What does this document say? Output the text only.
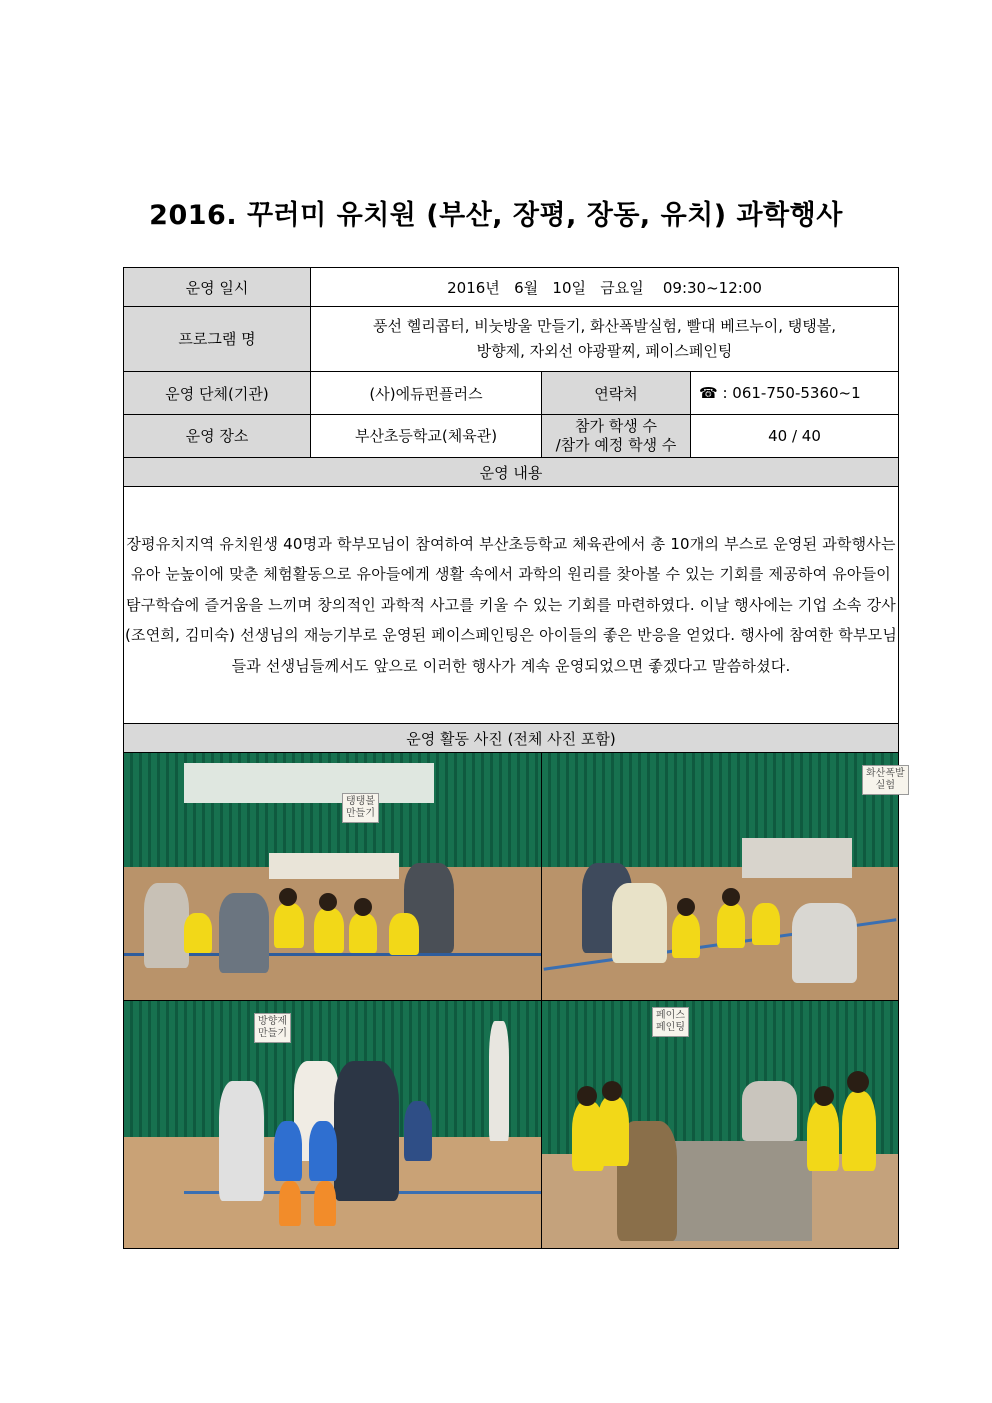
2016. 꾸러미 유치원 (부산, 장평, 장동, 유치) 과학행사
운영 일시	2016년   6월   10일   금요일    09:30~12:00		
프로그램 명	풍선 헬리콥터, 비눗방울 만들기, 화산폭발실험, 빨대 베르누이, 탱탱볼,
방향제, 자외선 야광팔찌, 페이스페인팅		

운영 단체(기관)	(사)에듀펀플러스	연락처	☎ : 061-750-5360~1
운영 장소	부산초등학교(체육관)	참가 학생 수
/참가 예정 학생 수	40 / 40
운영 내용			
장평유치지역 유치원생 40명과 학부모님이 참여하여 부산초등학교 체육관에서 총 10개의 부스로 운영된 과학행사는 유아 눈높이에 맞춘 체험활동으로 유아들에게 생활 속에서 과학의 원리를 찾아볼 수 있는 기회를 제공하여 유아들이 탐구학습에 즐거움을 느끼며 창의적인 과학적 사고를 키울 수 있는 기회를 마련하였다. 이날 행사에는 기업 소속 강사(조연희, 김미숙) 선생님의 재능기부로 운영된 페이스페인팅은 아이들의 좋은 반응을 얻었다. 행사에 참여한 학부모님들과 선생님들께서도 앞으로 이러한 행사가 계속 운영되었으면 좋겠다고 말씀하셨다.			
운영 활동 사진 (전체 사진 포함)			

탱탱볼
만들기		화산폭발
실험	

방향제
만들기		페이스
페인팅	
